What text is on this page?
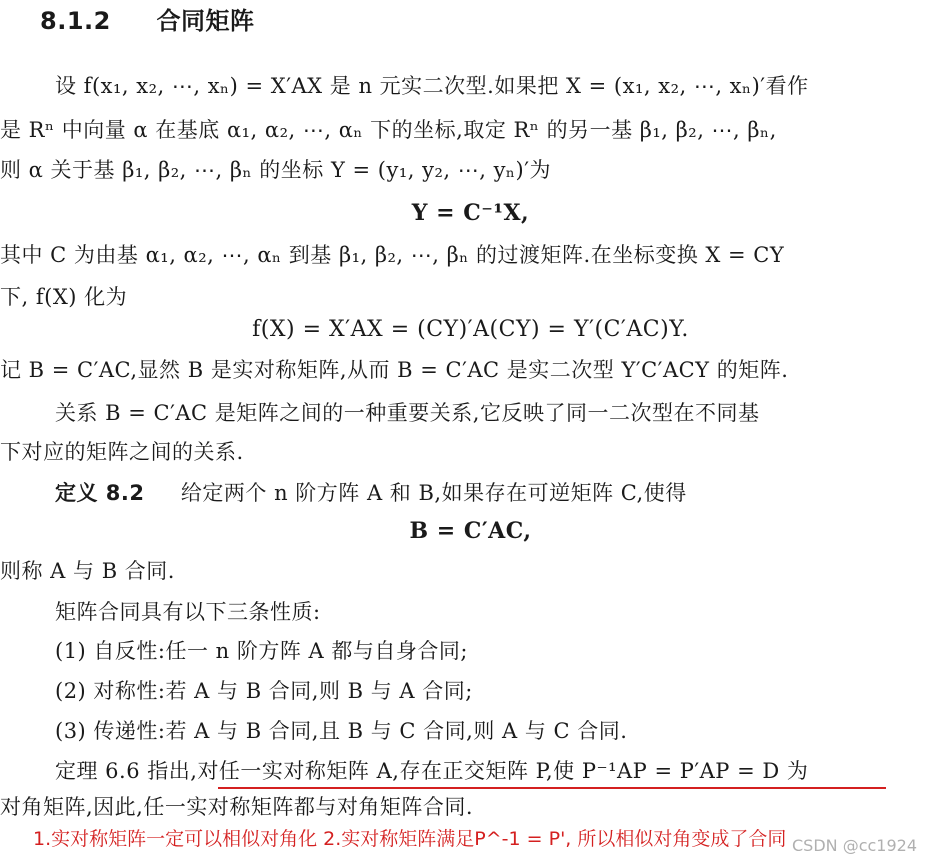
8.1.2 合同矩阵
设 f(x₁, x₂, ⋯, xₙ) = X′AX 是 n 元实二次型.如果把 X = (x₁, x₂, ⋯, xₙ)′看作
是 Rⁿ 中向量 α 在基底 α₁, α₂, ⋯, αₙ 下的坐标,取定 Rⁿ 的另一基 β₁, β₂, ⋯, βₙ,
则 α 关于基 β₁, β₂, ⋯, βₙ 的坐标 Y = (y₁, y₂, ⋯, yₙ)′为
Y = C⁻¹X,
其中 C 为由基 α₁, α₂, ⋯, αₙ 到基 β₁, β₂, ⋯, βₙ 的过渡矩阵.在坐标变换 X = CY
下, f(X) 化为
f(X) = X′AX = (CY)′A(CY) = Y′(C′AC)Y.
记 B = C′AC,显然 B 是实对称矩阵,从而 B = C′AC 是实二次型 Y′C′ACY 的矩阵.
关系 B = C′AC 是矩阵之间的一种重要关系,它反映了同一二次型在不同基
下对应的矩阵之间的关系.
定义 8.2 给定两个 n 阶方阵 A 和 B,如果存在可逆矩阵 C,使得
B = C′AC,
则称 A 与 B 合同.
矩阵合同具有以下三条性质:
(1) 自反性:任一 n 阶方阵 A 都与自身合同;
(2) 对称性:若 A 与 B 合同,则 B 与 A 合同;
(3) 传递性:若 A 与 B 合同,且 B 与 C 合同,则 A 与 C 合同.
定理 6.6 指出,对任一实对称矩阵 A,存在正交矩阵 P,使 P⁻¹AP = P′AP = D 为
对角矩阵,因此,任一实对称矩阵都与对角矩阵合同.
1.实对称矩阵一定可以相似对角化 2.实对称矩阵满足P^-1 = P', 所以相似对角变成了合同 CSDN @cc1924
